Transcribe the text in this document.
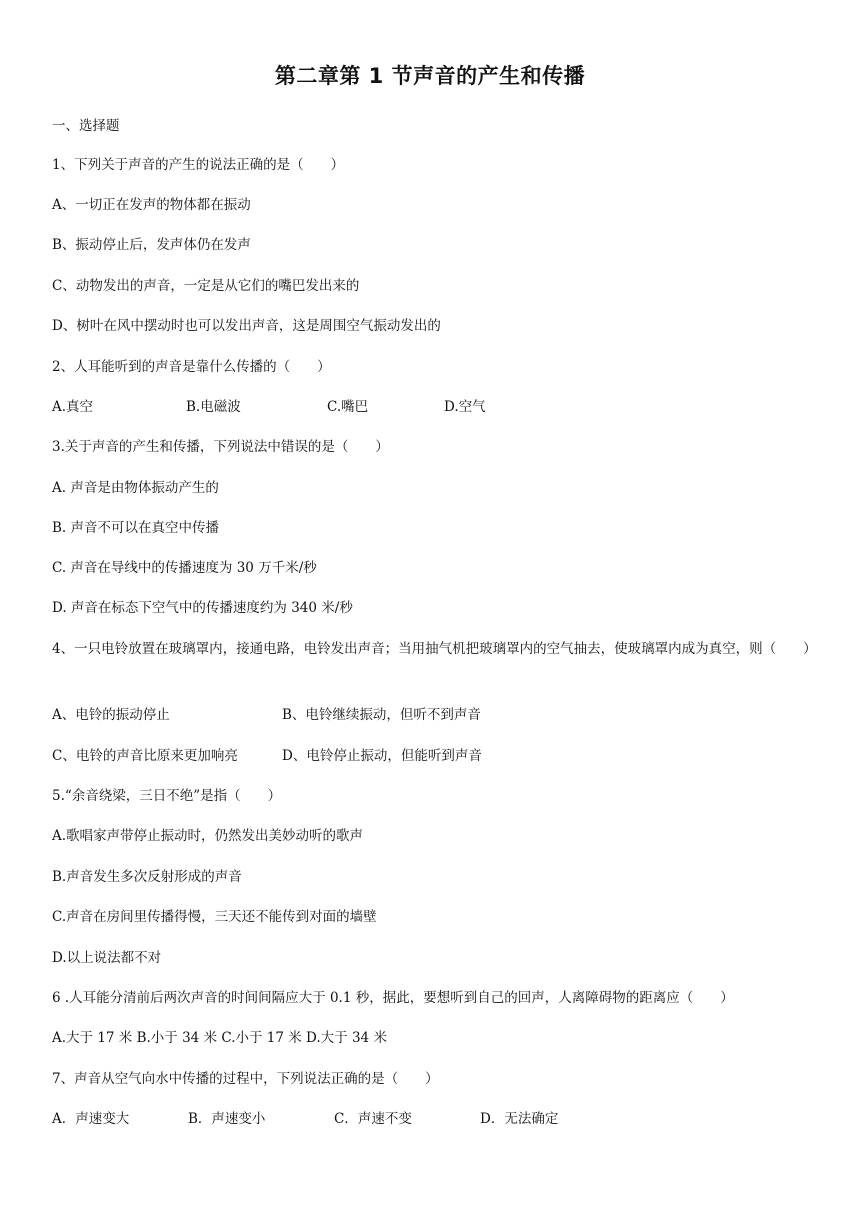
第二章第 1 节声音的产生和传播
一、选择题
1、下列关于声音的产生的说法正确的是（　　）
A、一切正在发声的物体都在振动
B、振动停止后，发声体仍在发声
C、动物发出的声音，一定是从它们的嘴巴发出来的
D、树叶在风中摆动时也可以发出声音，这是周围空气振动发出的
2、人耳能听到的声音是靠什么传播的（　　）
A.真空	B.电磁波	C.嘴巴	D.空气
3.关于声音的产生和传播，下列说法中错误的是（　　）
A. 声音是由物体振动产生的
B. 声音不可以在真空中传播
C. 声音在导线中的传播速度为 30 万千米/秒
D. 声音在标态下空气中的传播速度约为 340 米/秒
4、一只电铃放置在玻璃罩内，接通电路，电铃发出声音；当用抽气机把玻璃罩内的空气抽去，使玻璃罩内成为真空，则（　　）
A、电铃的振动停止	B、电铃继续振动，但听不到声音
C、电铃的声音比原来更加响亮	D、电铃停止振动，但能听到声音
5.“余音绕梁，三日不绝”是指（　　）
A.歌唱家声带停止振动时，仍然发出美妙动听的歌声
B.声音发生多次反射形成的声音
C.声音在房间里传播得慢，三天还不能传到对面的墙壁
D.以上说法都不对
6 .人耳能分清前后两次声音的时间间隔应大于 0.1 秒，据此，要想听到自己的回声，人离障碍物的距离应（　　）
A.大于 17 米 B.小于 34 米 C.小于 17 米 D.大于 34 米
7、声音从空气向水中传播的过程中，下列说法正确的是（　　）
A．声速变大	B．声速变小	C．声速不变	D．无法确定
